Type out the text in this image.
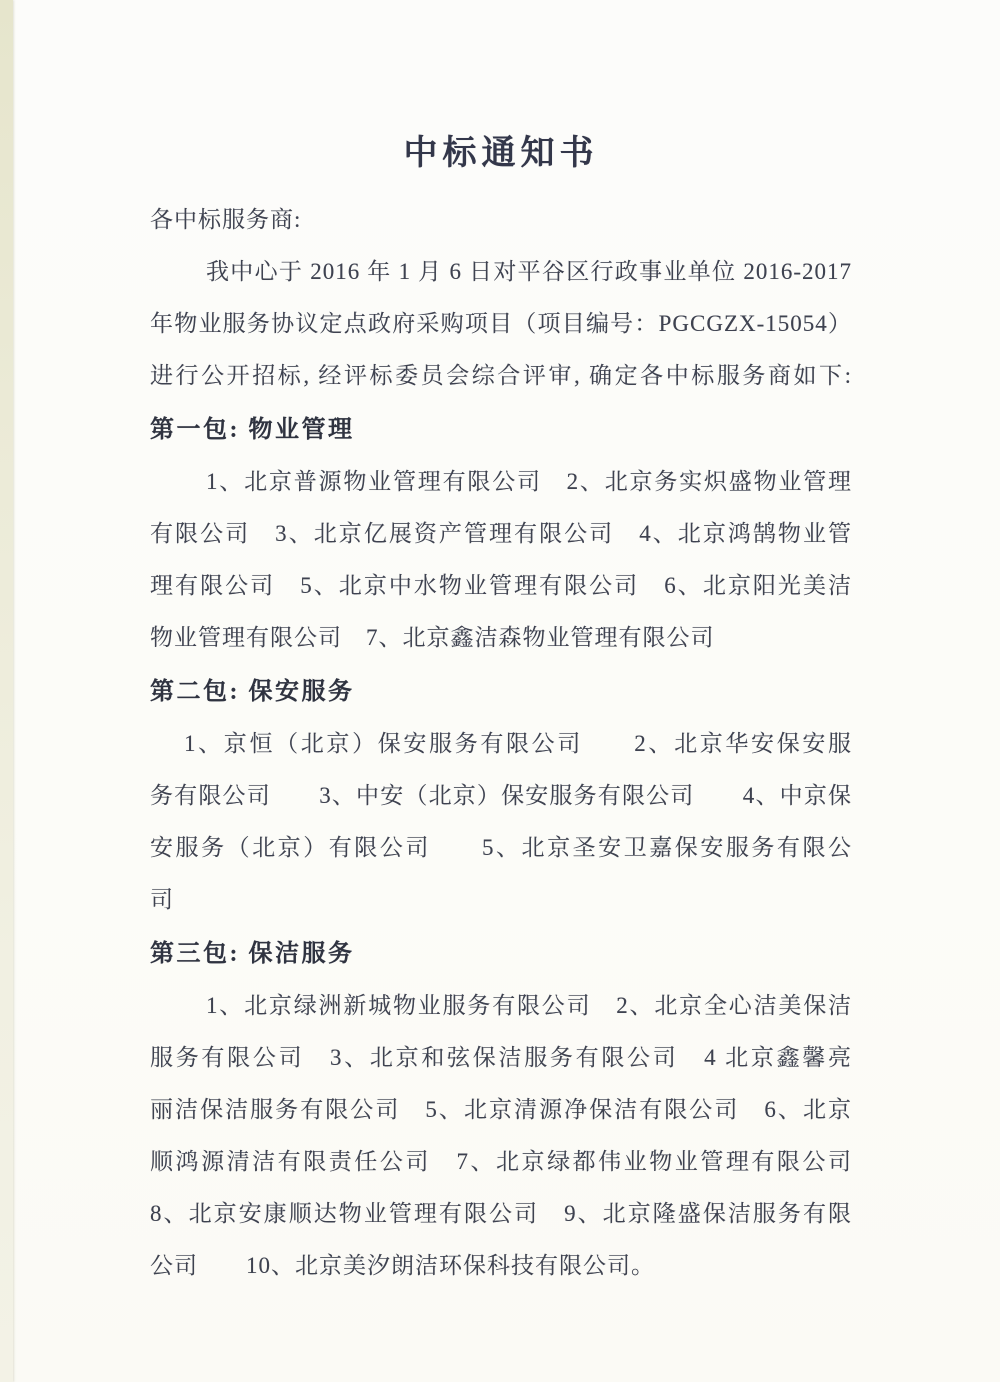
中标通知书
各中标服务商:
我中心于 2016 年 1 月 6 日对平谷区行政事业单位 2016-2017
年物业服务协议定点政府采购项目（项目编号：PGCGZX-15054）
进行公开招标, 经评标委员会综合评审, 确定各中标服务商如下:
第一包: 物业管理
1、北京普源物业管理有限公司　2、北京务实炽盛物业管理
有限公司　3、北京亿展资产管理有限公司　4、北京鸿鹄物业管
理有限公司　5、北京中水物业管理有限公司　6、北京阳光美洁
物业管理有限公司　7、北京鑫洁森物业管理有限公司
第二包: 保安服务
1、京恒（北京）保安服务有限公司　　2、北京华安保安服
务有限公司　　3、中安（北京）保安服务有限公司　　4、中京保
安服务（北京）有限公司　　5、北京圣安卫嘉保安服务有限公
司
第三包: 保洁服务
1、北京绿洲新城物业服务有限公司　2、北京全心洁美保洁
服务有限公司　3、北京和弦保洁服务有限公司　4 北京鑫馨亮
丽洁保洁服务有限公司　5、北京清源净保洁有限公司　6、北京
顺鸿源清洁有限责任公司　7、北京绿都伟业物业管理有限公司
8、北京安康顺达物业管理有限公司　9、北京隆盛保洁服务有限
公司　　10、北京美汐朗洁环保科技有限公司。
